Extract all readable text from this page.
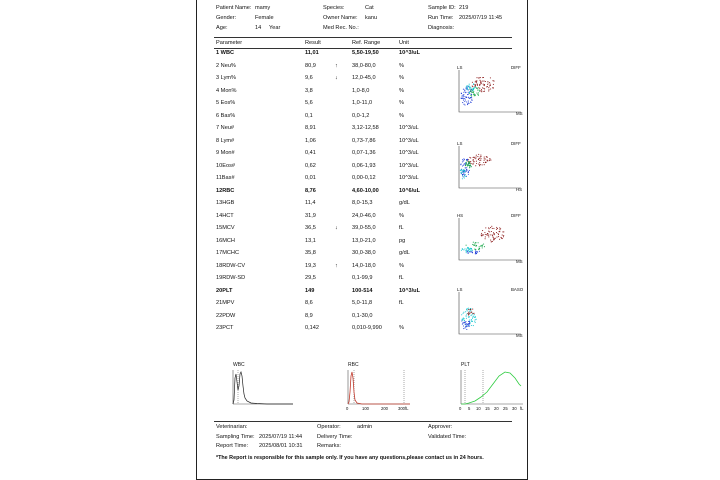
Patient Name: mamy	Species:	Cat	Sample ID: 219
Gender:	Female	Owner Name: kanu	Run Time: 2025/07/19 11:45
Age:	14 Year	Med Rec. No.:	Diagnosis:
Parameter	Result	Ref. Range	Unit
1 WBC	11,01	5,50-19,50	10^3/uL
2 Neu%	80,9	↑	38,0-80,0	%
3 Lym%	9,6	↓	12,0-45,0	%
4 Mon%	3,8	1,0-8,0	%
5 Eos%	5,6	1,0-11,0	%
6 Bas%	0,1	0,0-1,2	%
7 Neu#	8,91	3,12-12,58	10^3/uL
8 Lym#	1,06	0,73-7,86	10^3/uL
9 Mon#	0,41	0,07-1,36	10^3/uL
10Eos#	0,62	0,06-1,93	10^3/uL
11Bas#	0,01	0,00-0,12	10^3/uL
12RBC	8,76	4,60-10,00	10^6/uL
13HGB	11,4	8,0-15,3	g/dL
14HCT	31,9	24,0-46,0	%
15MCV	36,5	↓	39,0-55,0	fL
16MCH	13,1	13,0-21,0	pg
17MCHC	35,8	30,0-38,0	g/dL
18RDW-CV	19,3	↑	14,0-18,0	%
19RDW-SD	29,5	0,1-99,9	fL
20PLT	149	100-514	10^3/uL
21MPV	8,6	5,0-11,8	fL
22PDW	8,9	0,1-30,0
23PCT	0,142	0,010-9,990	%
LS	DIFF
MS
LS	DIFF
HS
HS	DIFF
MS
LS	BASO
MS
WBC	RBC
0	100	200 300fL
PLT
0 5 10 15 20 25 30 fL
Veterinarian:	Operator:	admin	Approver:
Sampling Time: 2025/07/19 11:44	Delivery Time:	Validated Time:
Report Time: 2025/08/01 10:31	Remarks:
*The Report is responsible for this sample only. If you have any questions,please contact us in 24 hours.
